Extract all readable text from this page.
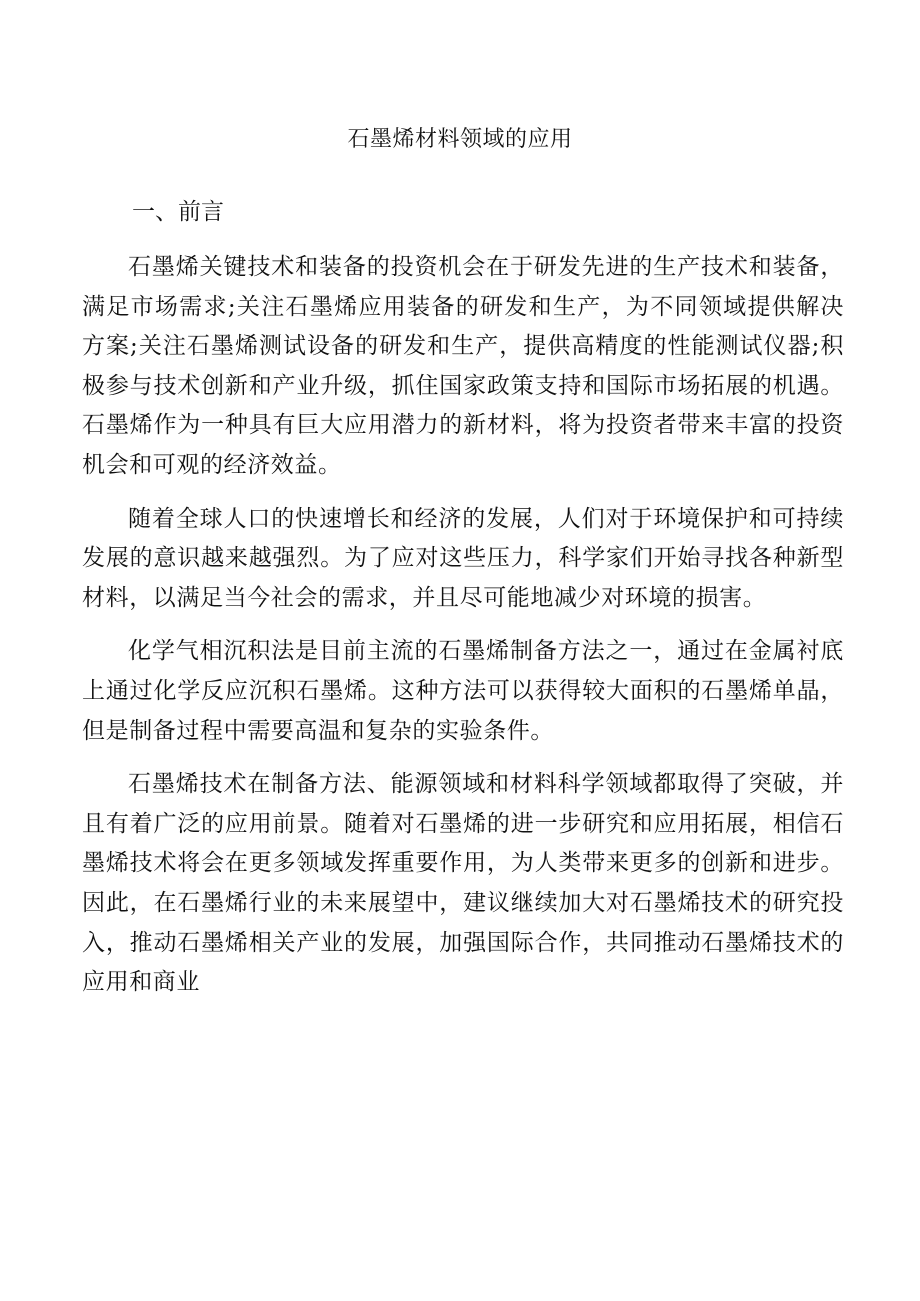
石墨烯材料领域的应用
一、前言

石墨烯关键技术和装备的投资机会在于研发先进的生产技术和装备，满足市场需求;关注石墨烯应用装备的研发和生产，为不同领域提供解决方案;关注石墨烯测试设备的研发和生产，提供高精度的性能测试仪器;积极参与技术创新和产业升级，抓住国家政策支持和国际市场拓展的机遇。石墨烯作为一种具有巨大应用潜力的新材料，将为投资者带来丰富的投资机会和可观的经济效益。

随着全球人口的快速增长和经济的发展，人们对于环境保护和可持续发展的意识越来越强烈。为了应对这些压力，科学家们开始寻找各种新型材料，以满足当今社会的需求，并且尽可能地减少对环境的损害。

化学气相沉积法是目前主流的石墨烯制备方法之一，通过在金属衬底上通过化学反应沉积石墨烯。这种方法可以获得较大面积的石墨烯单晶，但是制备过程中需要高温和复杂的实验条件。

石墨烯技术在制备方法、能源领域和材料科学领域都取得了突破，并且有着广泛的应用前景。随着对石墨烯的进一步研究和应用拓展，相信石墨烯技术将会在更多领域发挥重要作用，为人类带来更多的创新和进步。因此，在石墨烯行业的未来展望中，建议继续加大对石墨烯技术的研究投入，推动石墨烯相关产业的发展，加强国际合作，共同推动石墨烯技术的应用和商业
